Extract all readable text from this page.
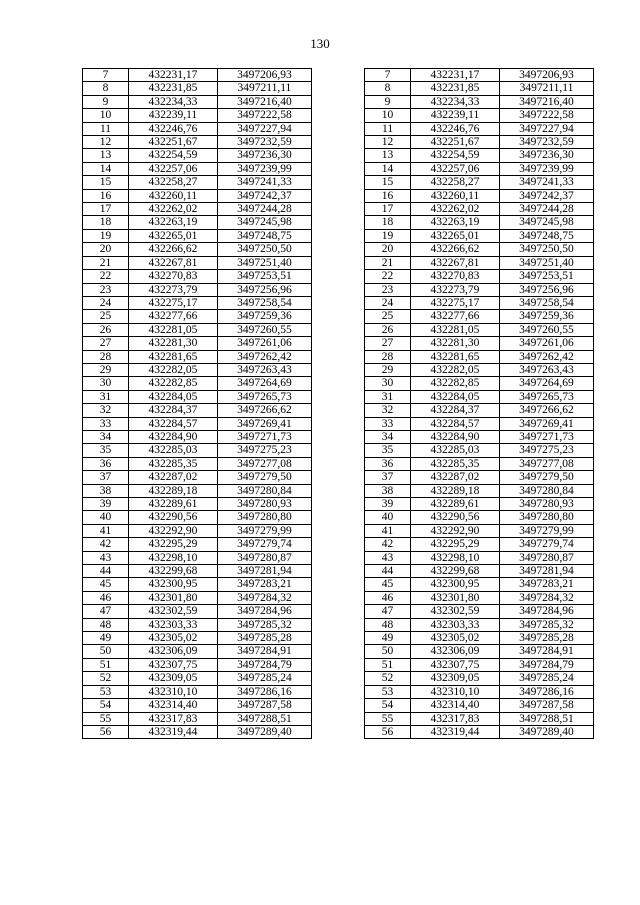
130
7	432231,17	3497206,93		7	432231,17	3497206,93
8	432231,85	3497211,11		8	432231,85	3497211,11
9	432234,33	3497216,40		9	432234,33	3497216,40
10	432239,11	3497222,58		10	432239,11	3497222,58
11	432246,76	3497227,94		11	432246,76	3497227,94
12	432251,67	3497232,59		12	432251,67	3497232,59
13	432254,59	3497236,30		13	432254,59	3497236,30
14	432257,06	3497239,99		14	432257,06	3497239,99
15	432258,27	3497241,33		15	432258,27	3497241,33
16	432260,11	3497242,37		16	432260,11	3497242,37
17	432262,02	3497244,28		17	432262,02	3497244,28
18	432263,19	3497245,98		18	432263,19	3497245,98
19	432265,01	3497248,75		19	432265,01	3497248,75
20	432266,62	3497250,50		20	432266,62	3497250,50
21	432267,81	3497251,40		21	432267,81	3497251,40
22	432270,83	3497253,51		22	432270,83	3497253,51
23	432273,79	3497256,96		23	432273,79	3497256,96
24	432275,17	3497258,54		24	432275,17	3497258,54
25	432277,66	3497259,36		25	432277,66	3497259,36
26	432281,05	3497260,55		26	432281,05	3497260,55
27	432281,30	3497261,06		27	432281,30	3497261,06
28	432281,65	3497262,42		28	432281,65	3497262,42
29	432282,05	3497263,43		29	432282,05	3497263,43
30	432282,85	3497264,69		30	432282,85	3497264,69
31	432284,05	3497265,73		31	432284,05	3497265,73
32	432284,37	3497266,62		32	432284,37	3497266,62
33	432284,57	3497269,41		33	432284,57	3497269,41
34	432284,90	3497271,73		34	432284,90	3497271,73
35	432285,03	3497275,23		35	432285,03	3497275,23
36	432285,35	3497277,08		36	432285,35	3497277,08
37	432287,02	3497279,50		37	432287,02	3497279,50
38	432289,18	3497280,84		38	432289,18	3497280,84
39	432289,61	3497280,93		39	432289,61	3497280,93
40	432290,56	3497280,80		40	432290,56	3497280,80
41	432292,90	3497279,99		41	432292,90	3497279,99
42	432295,29	3497279,74		42	432295,29	3497279,74
43	432298,10	3497280,87		43	432298,10	3497280,87
44	432299,68	3497281,94		44	432299,68	3497281,94
45	432300,95	3497283,21		45	432300,95	3497283,21
46	432301,80	3497284,32		46	432301,80	3497284,32
47	432302,59	3497284,96		47	432302,59	3497284,96
48	432303,33	3497285,32		48	432303,33	3497285,32
49	432305,02	3497285,28		49	432305,02	3497285,28
50	432306,09	3497284,91		50	432306,09	3497284,91
51	432307,75	3497284,79		51	432307,75	3497284,79
52	432309,05	3497285,24		52	432309,05	3497285,24
53	432310,10	3497286,16		53	432310,10	3497286,16
54	432314,40	3497287,58		54	432314,40	3497287,58
55	432317,83	3497288,51		55	432317,83	3497288,51
56	432319,44	3497289,40		56	432319,44	3497289,40
